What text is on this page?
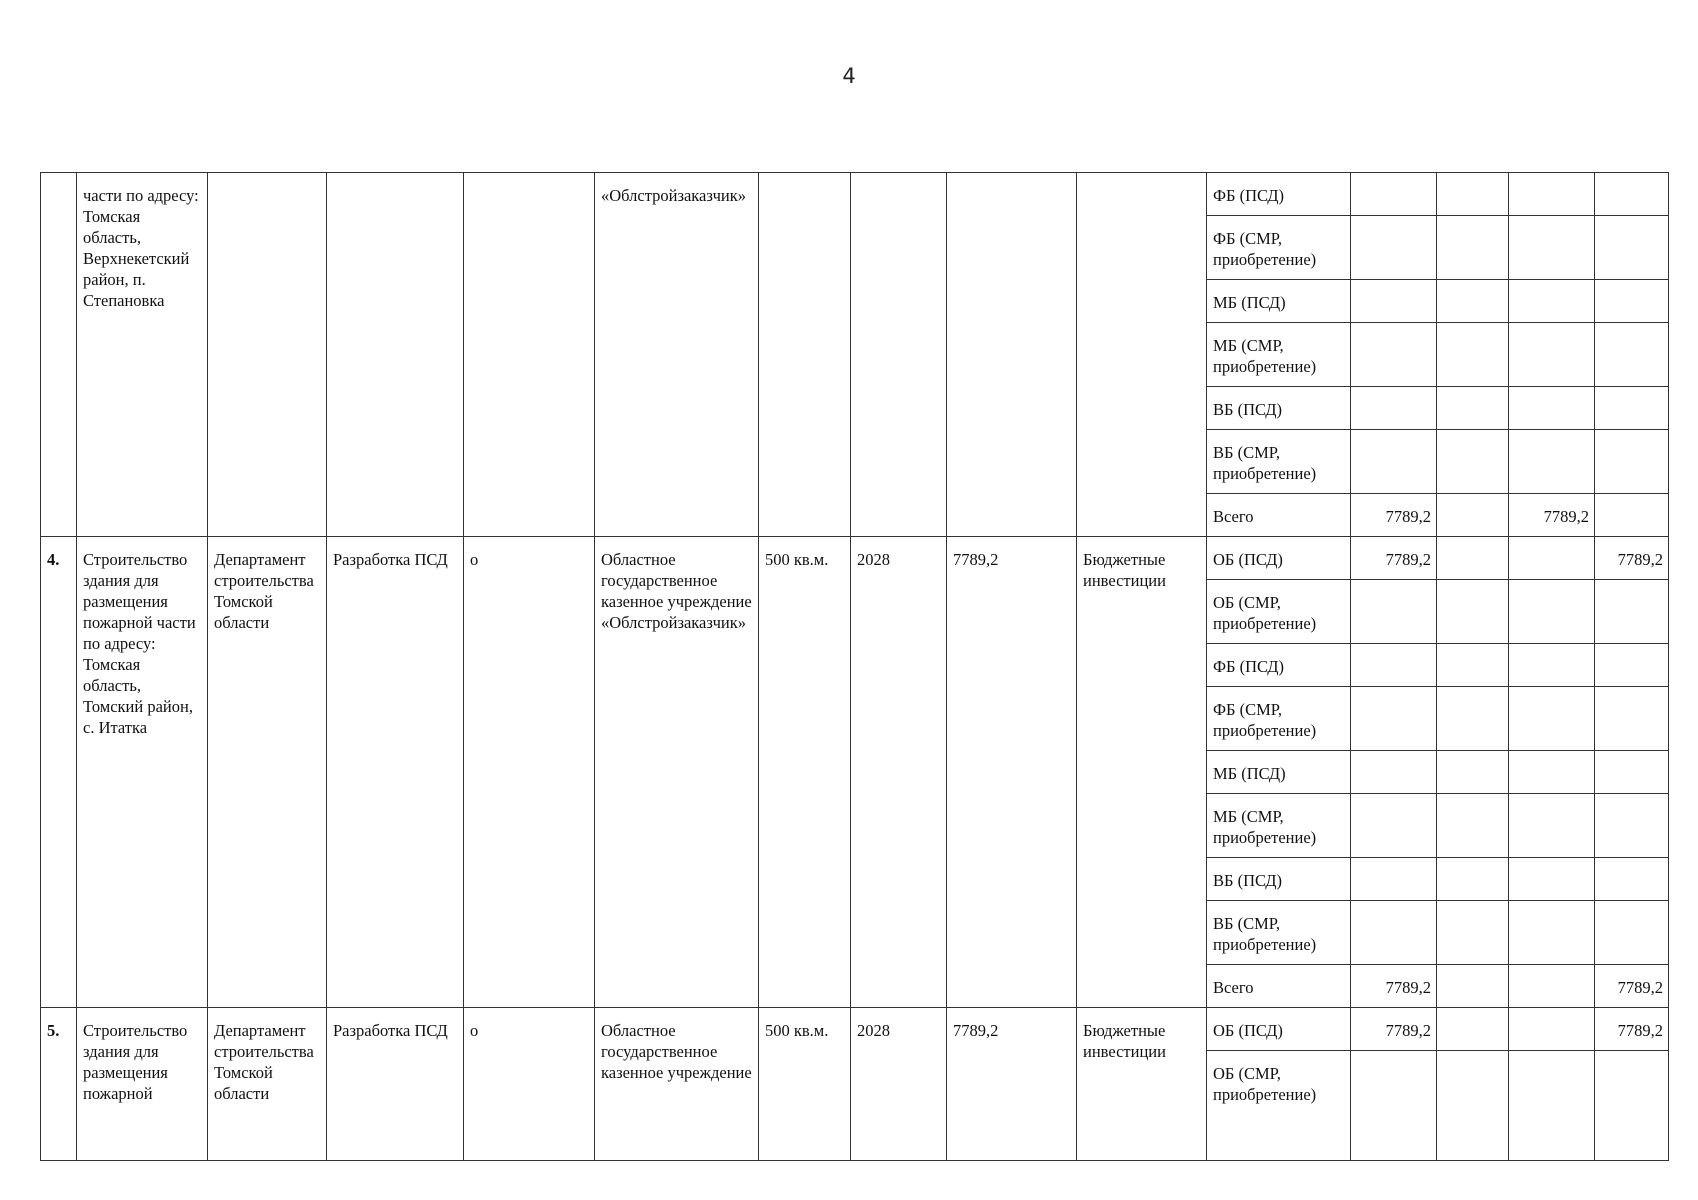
4
	части по адресу: Томская область, Верхнекетский район, п. Степановка				«Облстройзаказчик»					ФБ (ПСД)				
										ФБ (СМР, приобретение)				
										МБ (ПСД)				
										МБ (СМР, приобретение)				
										ВБ (ПСД)				
										ВБ (СМР, приобретение)				
										Всего	7789,2		7789,2	
4.	Строительство здания для размещения пожарной части по адресу: Томская область, Томский район, с. Итатка	Департамент строительства Томской области	Разработка ПСД	о	Областное государственное казенное учреждение «Облстройзаказчик»	500 кв.м.	2028	7789,2	Бюджетные инвестиции	ОБ (ПСД)	7789,2			7789,2
										ОБ (СМР, приобретение)				
										ФБ (ПСД)				
										ФБ (СМР, приобретение)				
										МБ (ПСД)				
										МБ (СМР, приобретение)				
										ВБ (ПСД)				
										ВБ (СМР, приобретение)				
										Всего	7789,2			7789,2
5.	Строительство здания для размещения пожарной	Департамент строительства Томской области	Разработка ПСД	о	Областное государственное казенное учреждение	500 кв.м.	2028	7789,2	Бюджетные инвестиции	ОБ (ПСД)	7789,2			7789,2
										ОБ (СМР, приобретение)				
